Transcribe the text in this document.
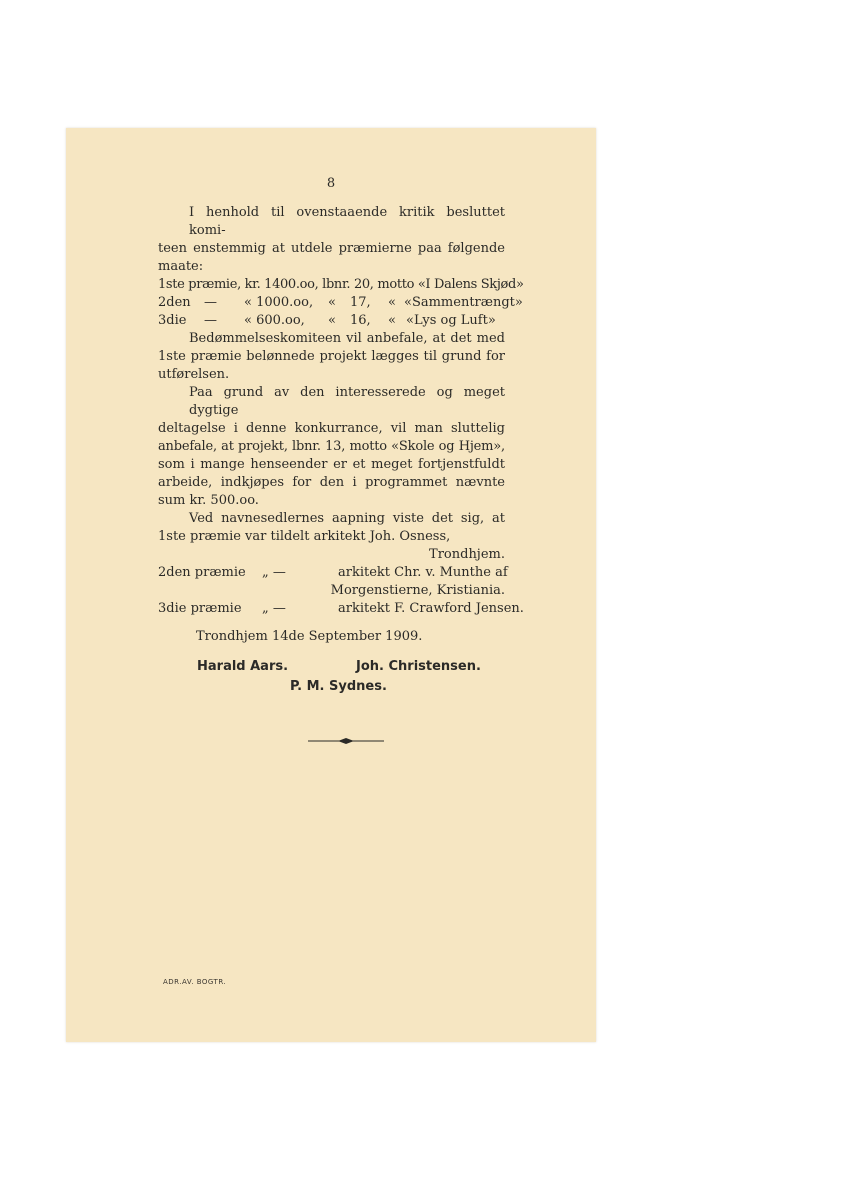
8
I henhold til ovenstaaende kritik besluttet komi-
teen enstemmig at utdele præmierne paa følgende
maate:
1ste præmie, kr. 1400.oo, lbnr. 20, motto «I Dalens Skjød»
2den — « 1000.oo, « 17, « «Sammentrængt»
3die — « 600.oo, « 16, « «Lys og Luft»
Bedømmelseskomiteen vil anbefale, at det med
1ste præmie belønnede projekt lægges til grund for
utførelsen.
Paa grund av den interesserede og meget dygtige
deltagelse i denne konkurrance, vil man sluttelig
anbefale, at projekt, lbnr. 13, motto «Skole og Hjem»,
som i mange henseender er et meget fortjenstfuldt
arbeide, indkjøpes for den i programmet nævnte
sum kr. 500.oo.
Ved navnesedlernes aapning viste det sig, at
1ste præmie var tildelt arkitekt Joh. Osness,
Trondhjem.
2den præmie „ —	arkitekt Chr. v. Munthe af
Morgenstierne, Kristiania.
3die præmie „ —	arkitekt F. Crawford Jensen.
Trondhjem 14de September 1909.
Harald Aars.	Joh. Christensen.
P. M. Sydnes.
ADR.AV. BOGTR.
